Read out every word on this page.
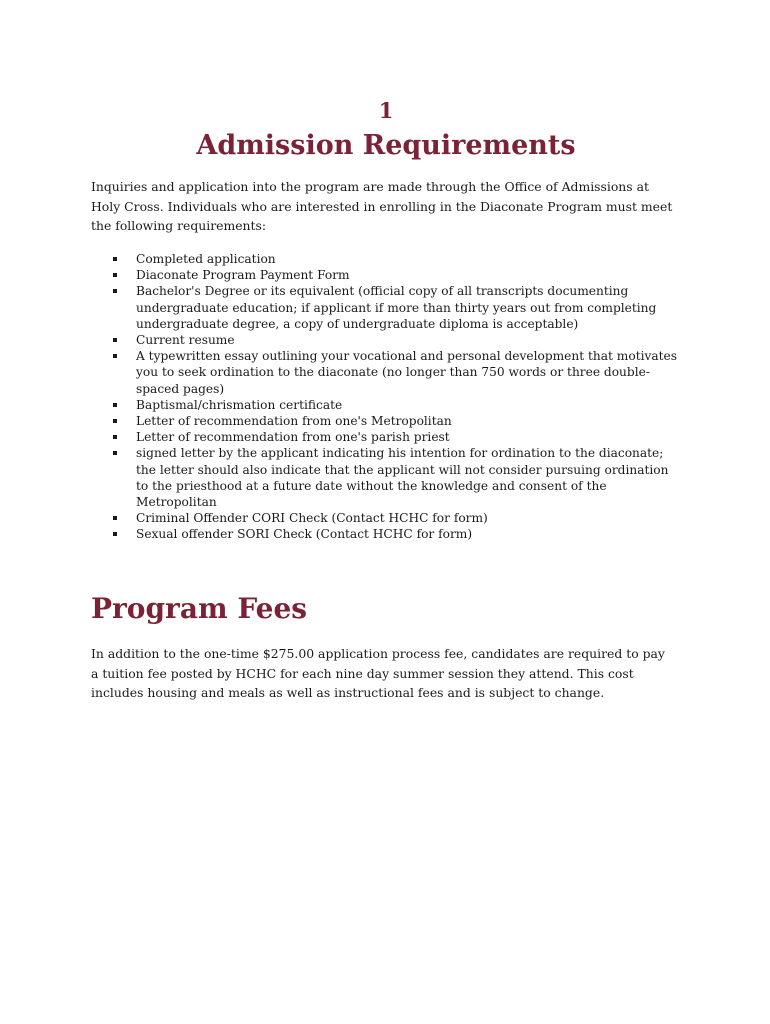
1
Admission Requirements

Inquiries and application into the program are made through the Office of Admissions at Holy Cross. Individuals who are interested in enrolling in the Diaconate Program must meet the following requirements:

Completed application
Diaconate Program Payment Form
Bachelor's Degree or its equivalent (official copy of all transcripts documenting undergraduate education; if applicant if more than thirty years out from completing undergraduate degree, a copy of undergraduate diploma is acceptable)
Current resume
A typewritten essay outlining your vocational and personal development that motivates you to seek ordination to the diaconate (no longer than 750 words or three double-spaced pages)
Baptismal/chrismation certificate
Letter of recommendation from one's Metropolitan
Letter of recommendation from one's parish priest
signed letter by the applicant indicating his intention for ordination to the diaconate; the letter should also indicate that the applicant will not consider pursuing ordination to the priesthood at a future date without the knowledge and consent of the Metropolitan
Criminal Offender CORI Check (Contact HCHC for form)
Sexual offender SORI Check (Contact HCHC for form)
Program Fees

In addition to the one-time $275.00 application process fee, candidates are required to pay a tuition fee posted by HCHC for each nine day summer session they attend. This cost includes housing and meals as well as instructional fees and is subject to change.
